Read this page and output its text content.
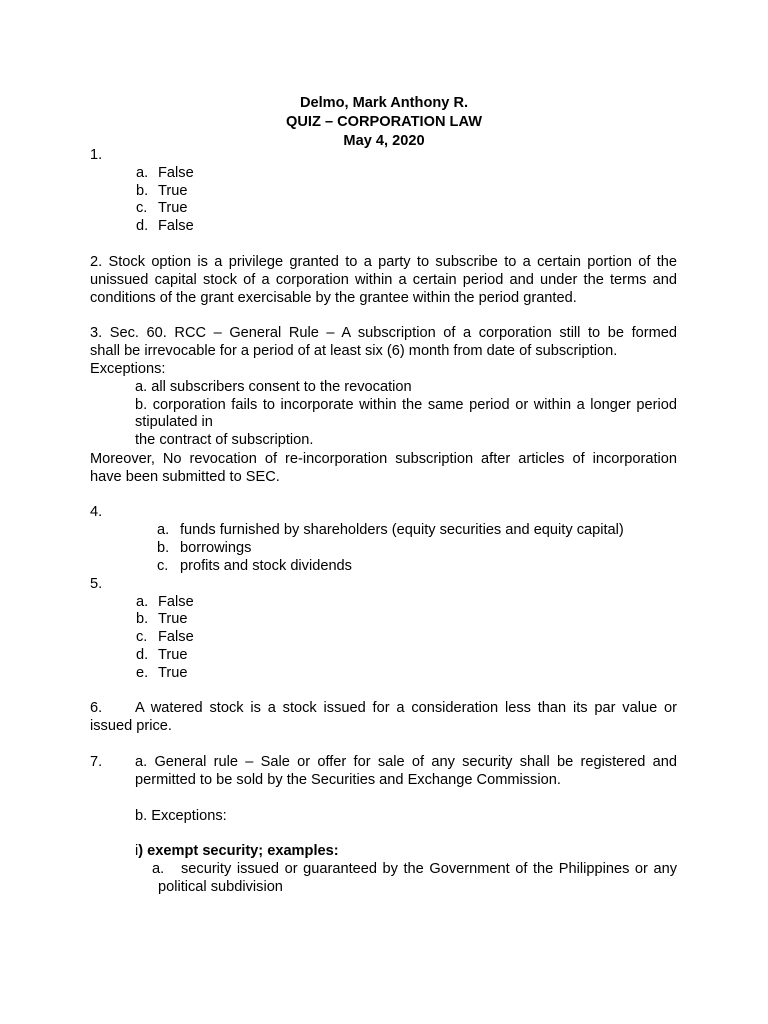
Delmo, Mark Anthony R.
QUIZ – CORPORATION LAW
May 4, 2020
1.
a. False
b. True
c. True
d. False
2. Stock option is a privilege granted to a party to subscribe to a certain portion of the
unissued capital stock of a corporation within a certain period and under the terms and
conditions of the grant exercisable by the grantee within the period granted.
3. Sec. 60. RCC – General Rule – A subscription of a corporation still to be formed
shall be irrevocable for a period of at least six (6) month from date of subscription.
Exceptions:
a. all subscribers consent to the revocation
b. corporation fails to incorporate within the same period or within a longer period
stipulated in
the contract of subscription.
Moreover, No revocation of re-incorporation subscription after articles of incorporation
have been submitted to SEC.
4.
a. funds furnished by shareholders (equity securities and equity capital)
b. borrowings
c. profits and stock dividends
5.
a. False
b. True
c. False
d. True
e. True
6. A watered stock is a stock issued for a consideration less than its par value or
issued price.
7. a. General rule – Sale or offer for sale of any security shall be registered and
permitted to be sold by the Securities and Exchange Commission.
b. Exceptions:
i) exempt security; examples:
a. security issued or guaranteed by the Government of the Philippines or any
political subdivision
